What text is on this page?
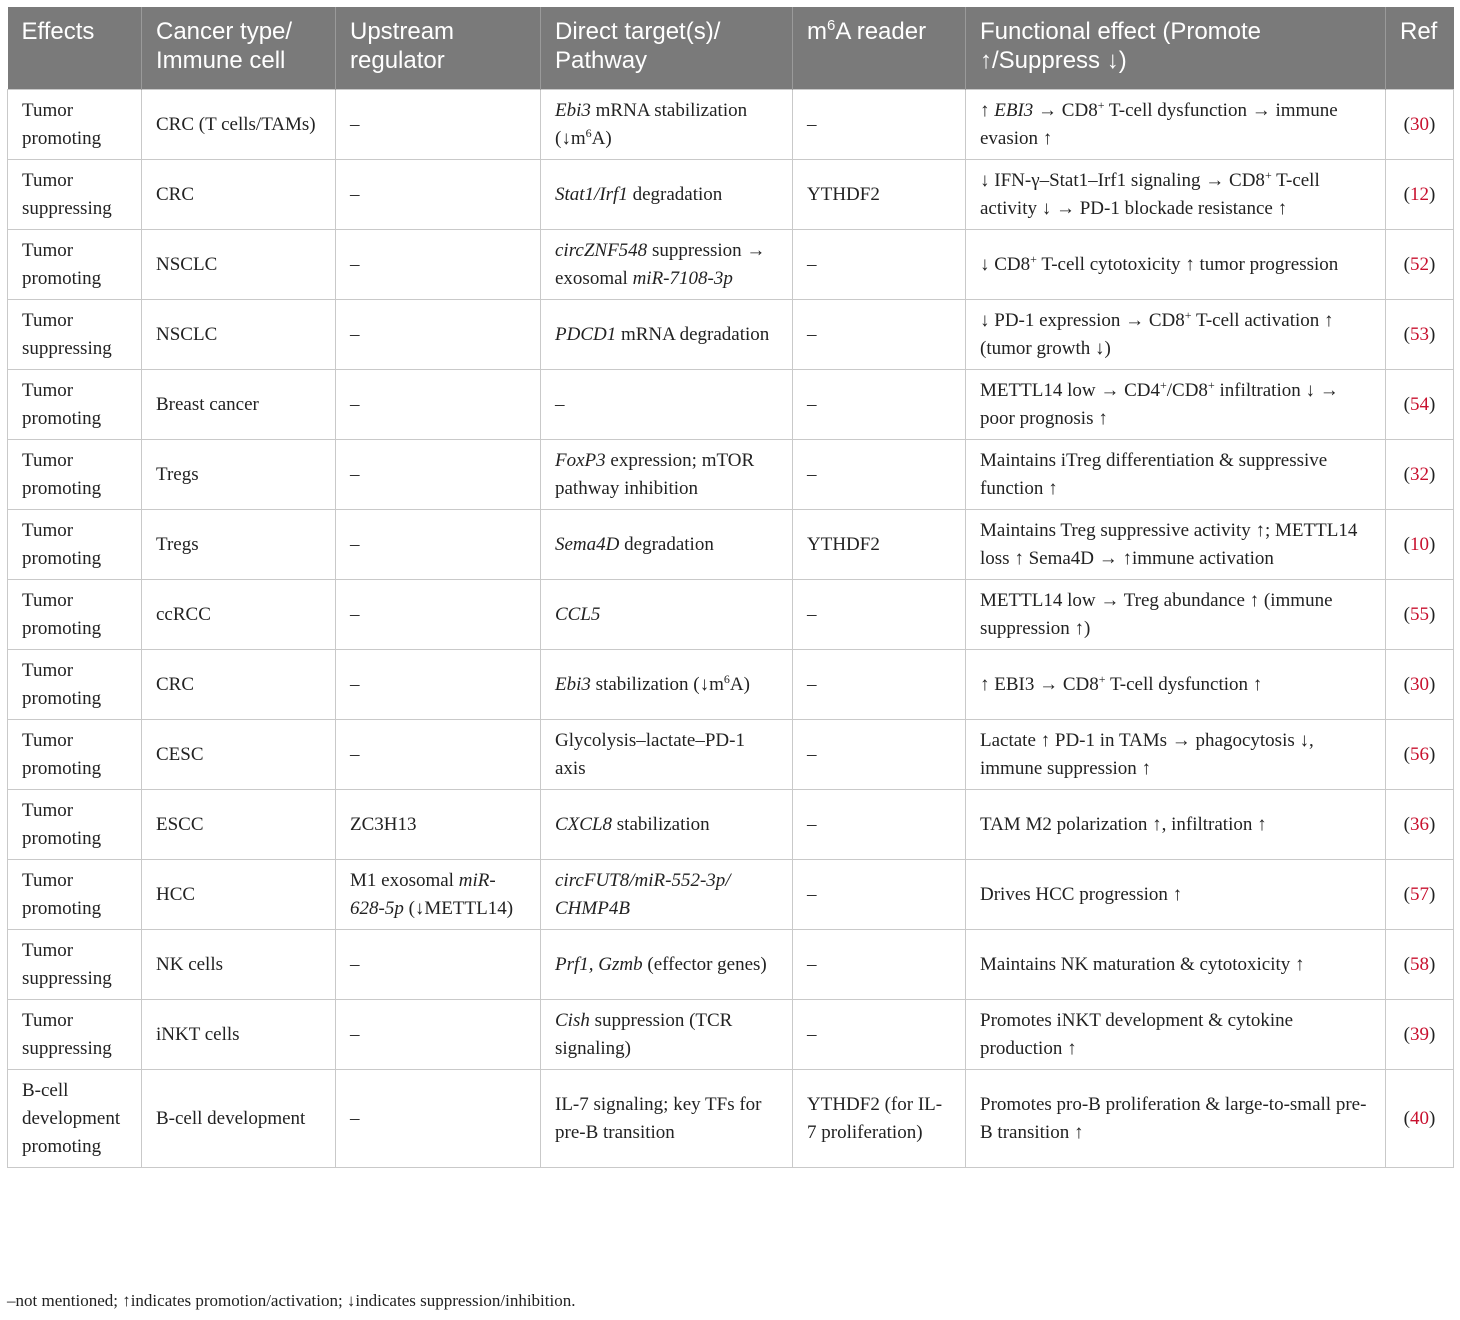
Effects	Cancer type/ Immune cell	Upstream regulator	Direct target(s)/ Pathway	$m^6A$ reader	Functional effect (Promote ↑/Suppress ↓)	Ref
Tumor promoting	CRC (T cells/TAMs)	–	Ebi3 mRNA stabilization $(↓m^6A)$	–	↑ EBI3 → CD8+ T-cell dysfunction → immune evasion ↑	(30)
Tumor suppressing	CRC	–	Stat1/Irf1 degradation	YTHDF2	↓ IFN-γ–Stat1–Irf1 signaling → CD8+ T-cell activity ↓ → PD-1 blockade resistance ↑	(12)
Tumor promoting	NSCLC	–	circZNF548 suppression → exosomal miR-7108-3p	–	↓ CD8+ T-cell cytotoxicity ↑ tumor progression	(52)
Tumor suppressing	NSCLC	–	PDCD1 mRNA degradation	–	↓ PD-1 expression → CD8+ T-cell activation ↑ (tumor growth ↓)	(53)
Tumor promoting	Breast cancer	–	–	–	METTL14 low → CD4+/CD8+ infiltration ↓ → poor prognosis ↑	(54)
Tumor promoting	Tregs	–	FoxP3 expression; mTOR pathway inhibition	–	Maintains iTreg differentiation & suppressive function ↑	(32)
Tumor promoting	Tregs	–	Sema4D degradation	YTHDF2	Maintains Treg suppressive activity ↑; METTL14 loss ↑ Sema4D → ↑immune activation	(10)
Tumor promoting	ccRCC	–	CCL5	–	METTL14 low → Treg abundance ↑ (immune suppression ↑)	(55)
Tumor promoting	CRC	–	Ebi3 stabilization $(↓m^6A)$	–	↑ EBI3 → CD8+ T-cell dysfunction ↑	(30)
Tumor promoting	CESC	–	Glycolysis–lactate–PD-1 axis	–	Lactate ↑ PD-1 in TAMs → phagocytosis ↓, immune suppression ↑	(56)
Tumor promoting	ESCC	ZC3H13	CXCL8 stabilization	–	TAM M2 polarization ↑, infiltration ↑	(36)
Tumor promoting	HCC	M1 exosomal miR-628-5p (↓METTL14)	circFUT8/miR-552-3p/ CHMP4B	–	Drives HCC progression ↑	(57)
Tumor suppressing	NK cells	–	Prf1, Gzmb (effector genes)	–	Maintains NK maturation & cytotoxicity ↑	(58)
Tumor suppressing	iNKT cells	–	Cish suppression (TCR signaling)	–	Promotes iNKT development & cytokine production ↑	(39)
B-cell development promoting	B-cell development	–	IL-7 signaling; key TFs for pre-B transition	YTHDF2 (for IL-7 proliferation)	Promotes pro-B proliferation & large-to-small pre-B transition ↑	(40)
–not mentioned; ↑indicates promotion/activation; ↓indicates suppression/inhibition.
